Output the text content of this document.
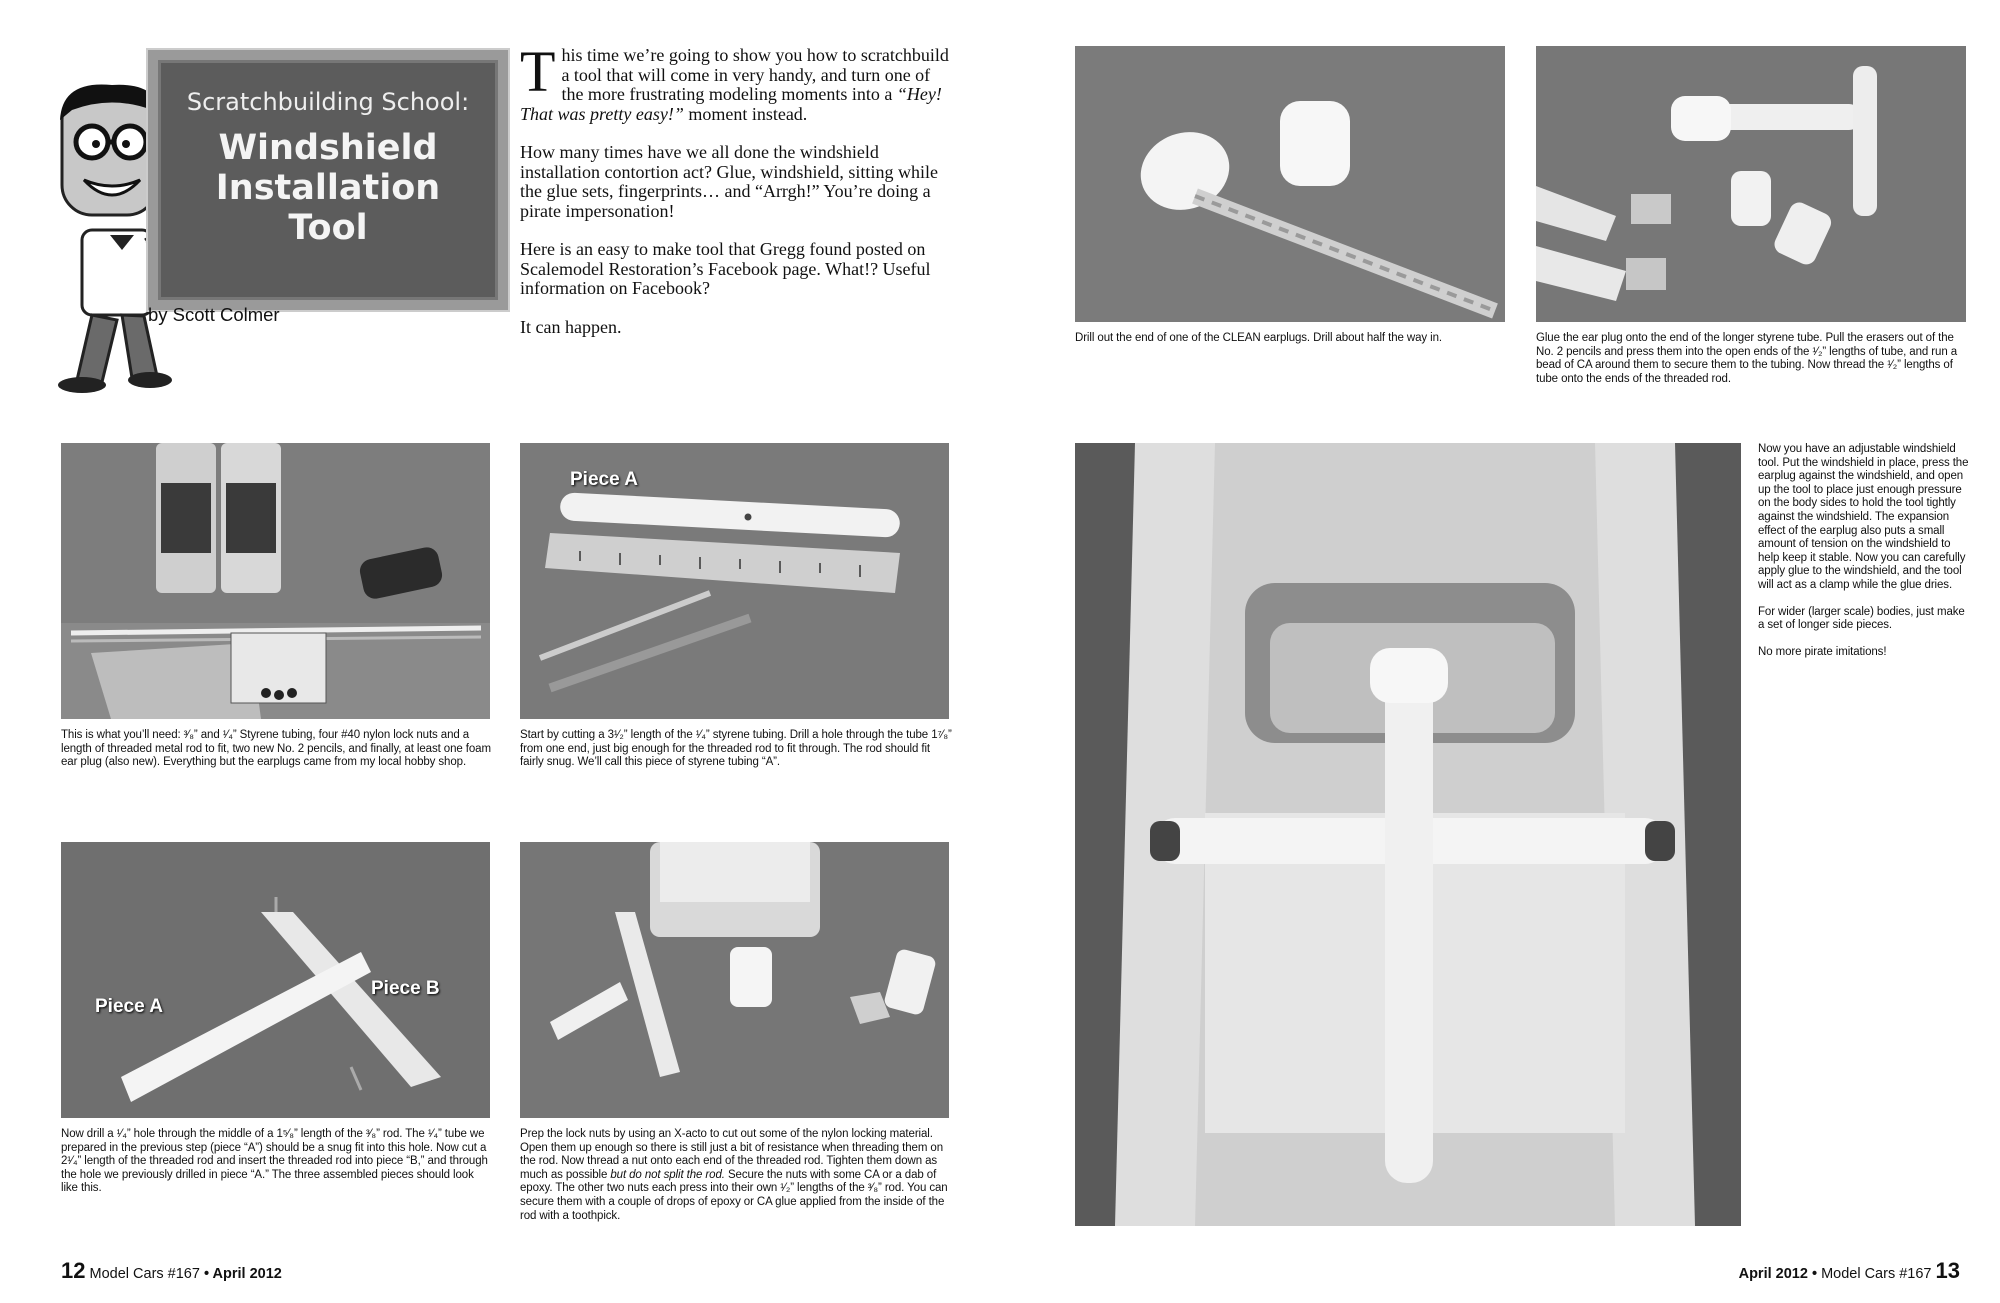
Scratchbuilding School:
Windshield
Installation
Tool
by Scott Colmer

This time we’re going to show you how to scratchbuild a tool that will come in very handy, and turn one of the more frustrating modeling moments into a “Hey! That was pretty easy!” moment instead.

How many times have we all done the windshield installation contortion act? Glue, windshield, sitting while the glue sets, fingerprints… and “Arrgh!” You’re doing a pirate impersonation!

Here is an easy to make tool that Gregg found posted on Scalemodel Restoration’s Facebook page. What!? Useful information on Facebook?

It can happen.

This is what you’ll need: ³⁄₈” and ¹⁄₄” Styrene tubing, four #40 nylon lock nuts and a length of threaded metal rod to fit, two new No. 2 pencils, and finally, at least one foam ear plug (also new). Everything but the earplugs came from my local hobby shop.
Piece A
Start by cutting a 3¹⁄₂” length of the ¹⁄₄” styrene tubing. Drill a hole through the tube 1⁷⁄₈” from one end, just big enough for the threaded rod to fit through. The rod should fit fairly snug. We’ll call this piece of styrene tubing “A”.
Piece A
Piece B
Now drill a ¹⁄₄” hole through the middle of a 1⁵⁄₈” length of the ³⁄₈” rod. The ¹⁄₄” tube we prepared in the previous step (piece “A”) should be a snug fit into this hole. Now cut a 2¹⁄₄” length of the threaded rod and insert the threaded rod into piece “B,” and through the hole we previously drilled in piece “A.” The three assembled pieces should look like this.
Prep the lock nuts by using an X-acto to cut out some of the nylon locking material. Open them up enough so there is still just a bit of resistance when threading them on the rod. Now thread a nut onto each end of the threaded rod. Tighten them down as much as possible but do not split the rod. Secure the nuts with some CA or a dab of epoxy. The other two nuts each press into their own ¹⁄₂” lengths of the ³⁄₈” rod. You can secure them with a couple of drops of epoxy or CA glue applied from the inside of the rod with a toothpick.
Drill out the end of one of the CLEAN earplugs. Drill about half the way in.	Glue the ear plug onto the end of the longer styrene tube. Pull the erasers out of the No. 2 pencils and press them into the open ends of the ¹⁄₂” lengths of tube, and run a bead of CA around them to secure them to the tubing. Now thread the ¹⁄₂” lengths of tube onto the ends of the threaded rod.

Now you have an adjustable windshield tool. Put the windshield in place, press the earplug against the windshield, and open up the tool to place just enough pressure on the body sides to hold the tool tightly against the windshield. The expansion effect of the earplug also puts a small amount of tension on the windshield to help keep it stable. Now you can carefully apply glue to the windshield, and the tool will act as a clamp while the glue dries.

For wider (larger scale) bodies, just make a set of longer side pieces.

No more pirate imitations!

12 Model Cars #167 • April 2012	April 2012 • Model Cars #167 13
